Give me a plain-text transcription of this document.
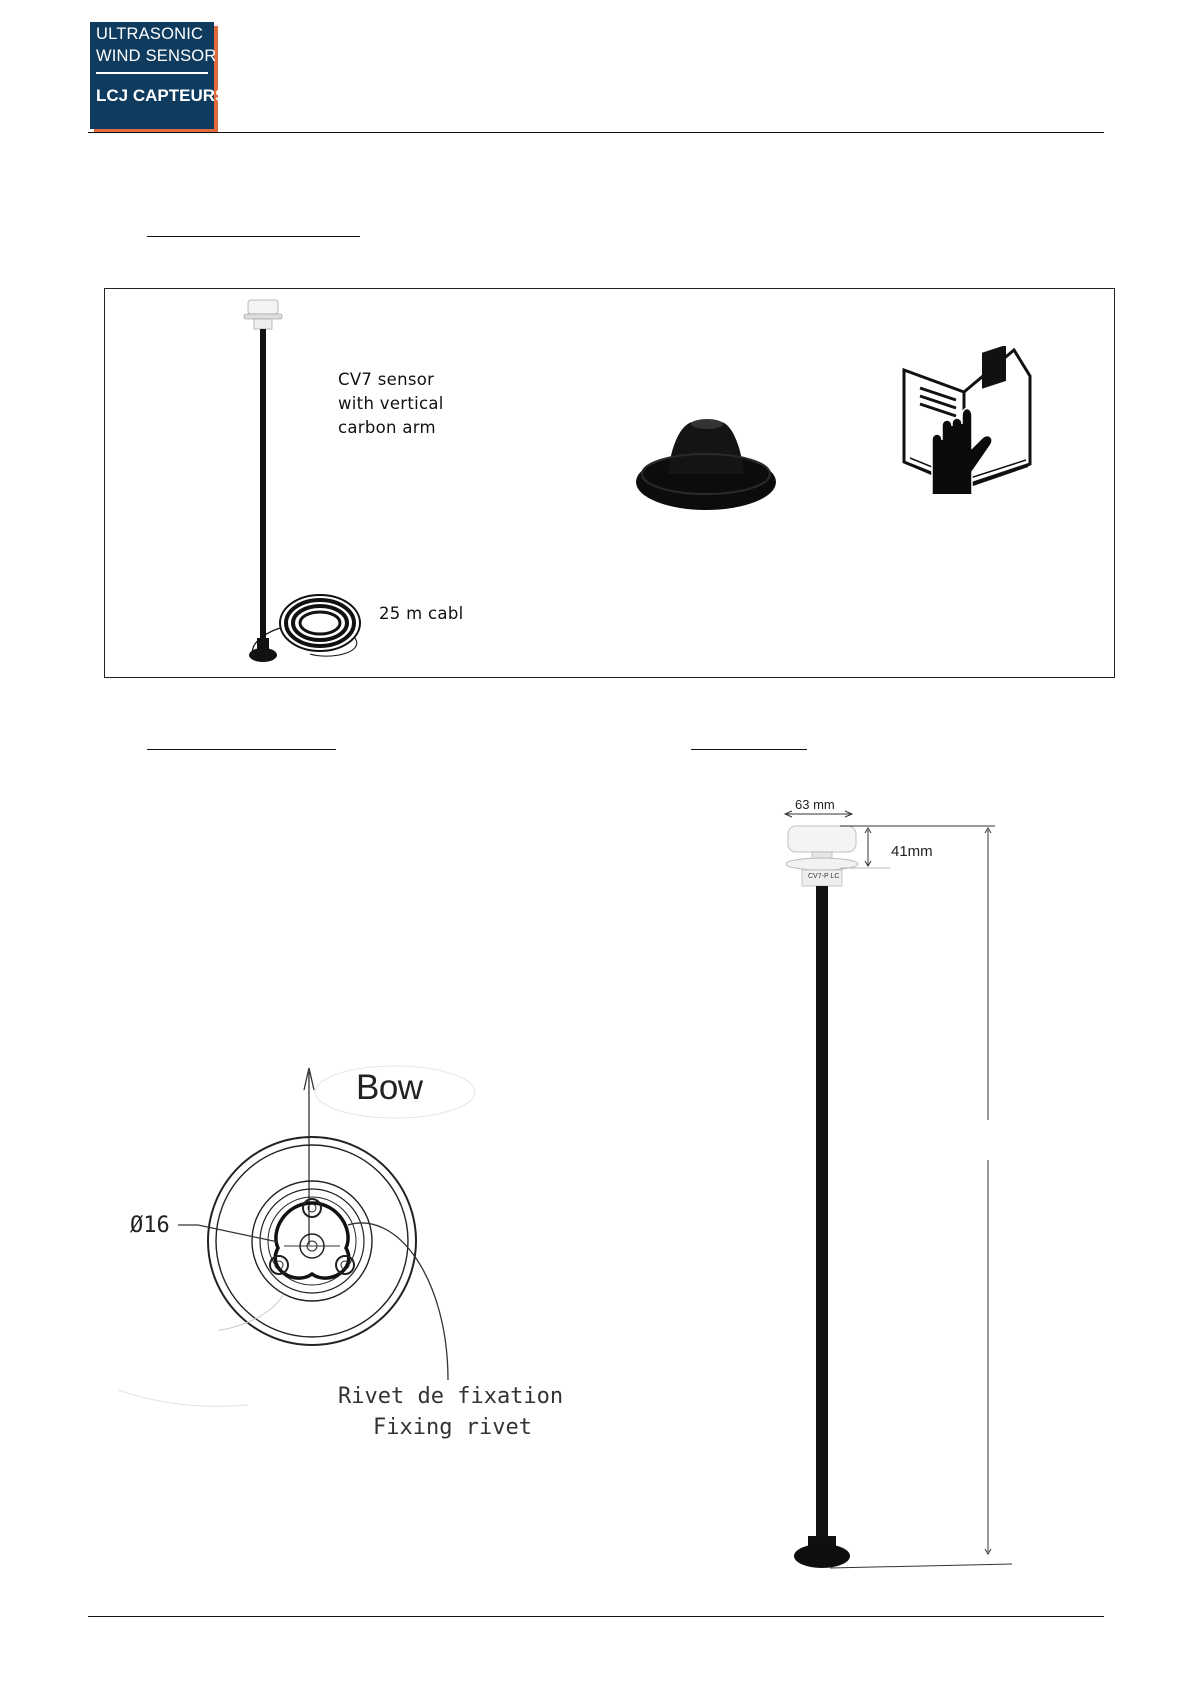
ULTRASONIC
WIND SENSOR
LCJ CAPTEURS
CV7 sensor
with vertical
carbon arm
25 m cabl
Bow
Ø16
Rivet de fixation
Fixing rivet
63 mm
41mm
CV7-P LC
